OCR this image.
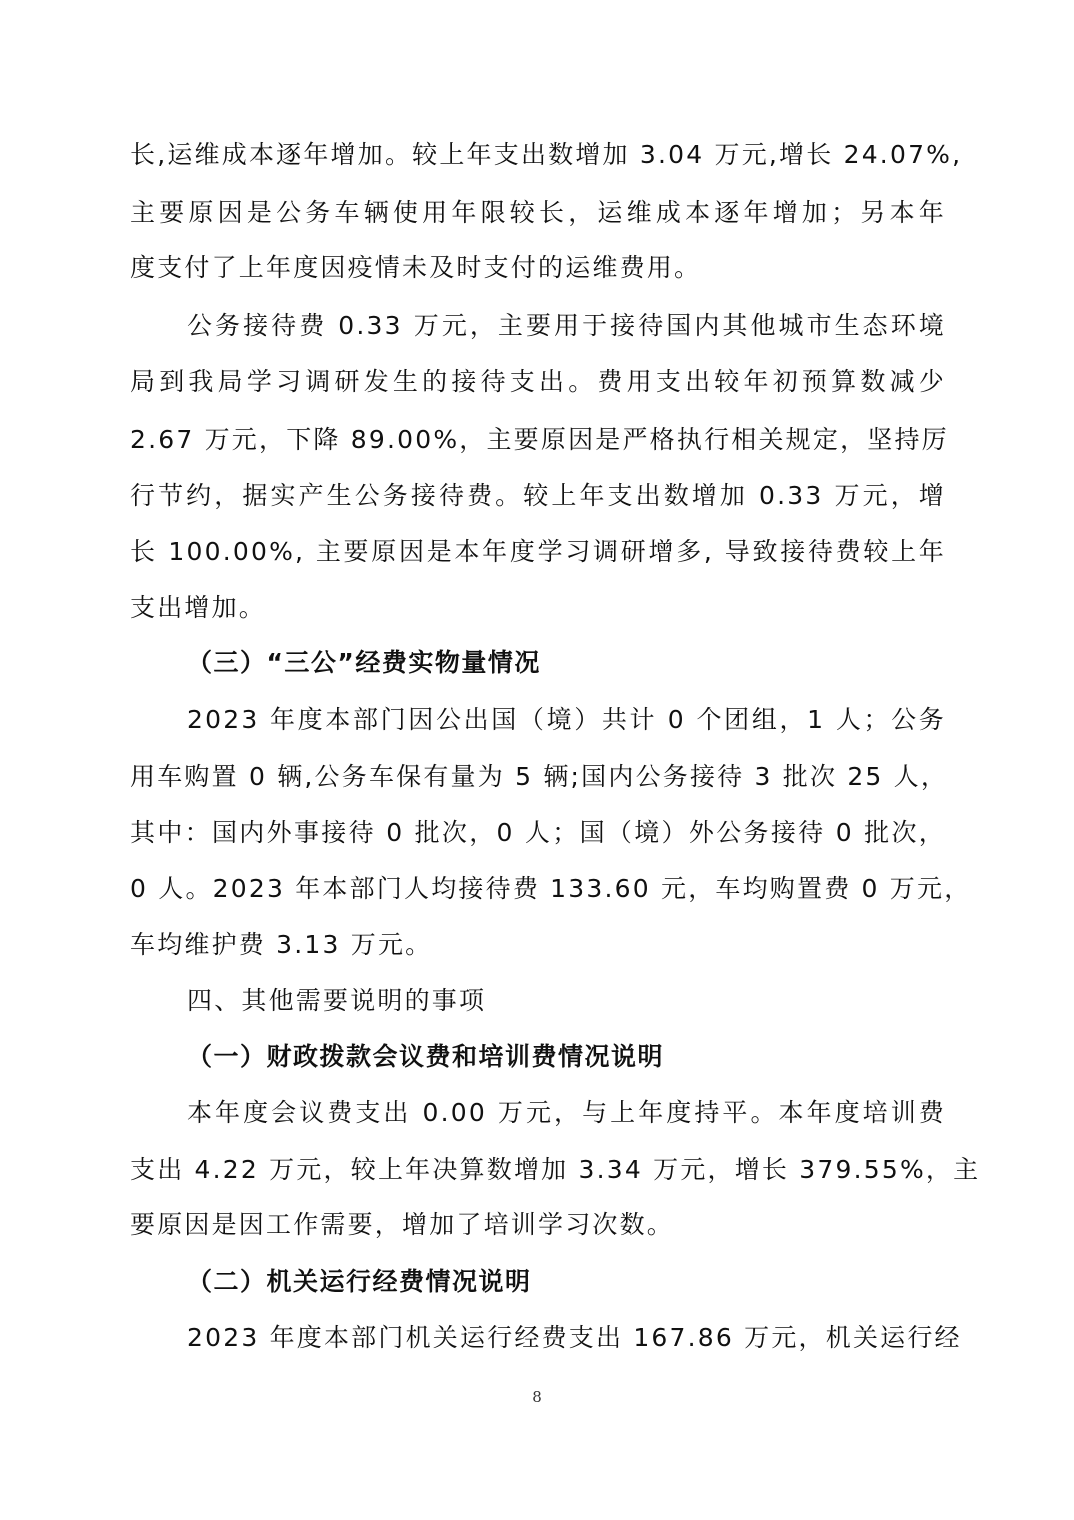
长,运维成本逐年增加。较上年支出数增加 3.04 万元,增长 24.07%,
主要原因是公务车辆使用年限较长，运维成本逐年增加；另本年
度支付了上年度因疫情未及时支付的运维费用。
公务接待费 0.33 万元，主要用于接待国内其他城市生态环境
局到我局学习调研发生的接待支出。费用支出较年初预算数减少
2.67 万元，下降 89.00%，主要原因是严格执行相关规定，坚持厉
行节约，据实产生公务接待费。较上年支出数增加 0.33 万元，增
长 100.00%, 主要原因是本年度学习调研增多, 导致接待费较上年
支出增加。
（三）“三公”经费实物量情况
2023 年度本部门因公出国（境）共计 0 个团组，1 人；公务
用车购置 0 辆,公务车保有量为 5 辆;国内公务接待 3 批次 25 人，
其中：国内外事接待 0 批次，0 人；国（境）外公务接待 0 批次，
0 人。2023 年本部门人均接待费 133.60 元，车均购置费 0 万元，
车均维护费 3.13 万元。
四、其他需要说明的事项
（一）财政拨款会议费和培训费情况说明
本年度会议费支出 0.00 万元，与上年度持平。本年度培训费
支出 4.22 万元，较上年决算数增加 3.34 万元，增长 379.55%，主
要原因是因工作需要，增加了培训学习次数。
（二）机关运行经费情况说明
2023 年度本部门机关运行经费支出 167.86 万元，机关运行经
8
